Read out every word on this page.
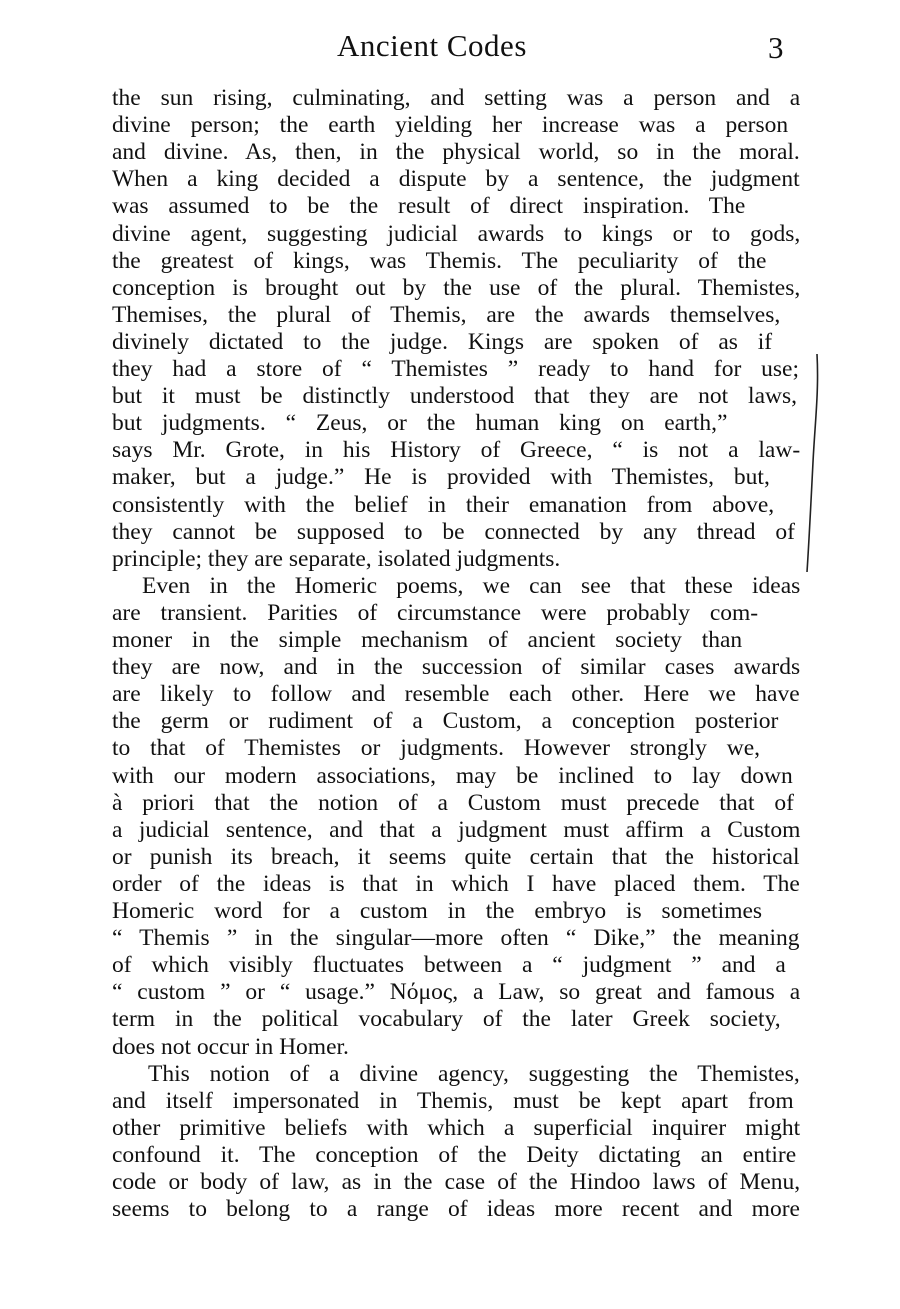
Ancient Codes	3
the sun rising, culminating, and setting was a person and a
divine person; the earth yielding her increase was a person
and divine. As, then, in the physical world, so in the moral.
When a king decided a dispute by a sentence, the judgment
was assumed to be the result of direct inspiration. The
divine agent, suggesting judicial awards to kings or to gods,
the greatest of kings, was Themis. The peculiarity of the
conception is brought out by the use of the plural. Themistes,
Themises, the plural of Themis, are the awards themselves,
divinely dictated to the judge. Kings are spoken of as if
they had a store of “ Themistes ” ready to hand for use;
but it must be distinctly understood that they are not laws,
but judgments. “ Zeus, or the human king on earth,”
says Mr. Grote, in his History of Greece, “ is not a law-
maker, but a judge.” He is provided with Themistes, but,
consistently with the belief in their emanation from above,
they cannot be supposed to be connected by any thread of
principle; they are separate, isolated judgments.
Even in the Homeric poems, we can see that these ideas
are transient. Parities of circumstance were probably com-
moner in the simple mechanism of ancient society than
they are now, and in the succession of similar cases awards
are likely to follow and resemble each other. Here we have
the germ or rudiment of a Custom, a conception posterior
to that of Themistes or judgments. However strongly we,
with our modern associations, may be inclined to lay down
à priori that the notion of a Custom must precede that of
a judicial sentence, and that a judgment must affirm a Custom
or punish its breach, it seems quite certain that the historical
order of the ideas is that in which I have placed them. The
Homeric word for a custom in the embryo is sometimes
“ Themis ” in the singular—more often “ Dike,” the meaning
of which visibly fluctuates between a “ judgment ” and a
“ custom ” or “ usage.” Nόμος, a Law, so great and famous a
term in the political vocabulary of the later Greek society,
does not occur in Homer.
This notion of a divine agency, suggesting the Themistes,
and itself impersonated in Themis, must be kept apart from
other primitive beliefs with which a superficial inquirer might
confound it. The conception of the Deity dictating an entire
code or body of law, as in the case of the Hindoo laws of Menu,
seems to belong to a range of ideas more recent and more
